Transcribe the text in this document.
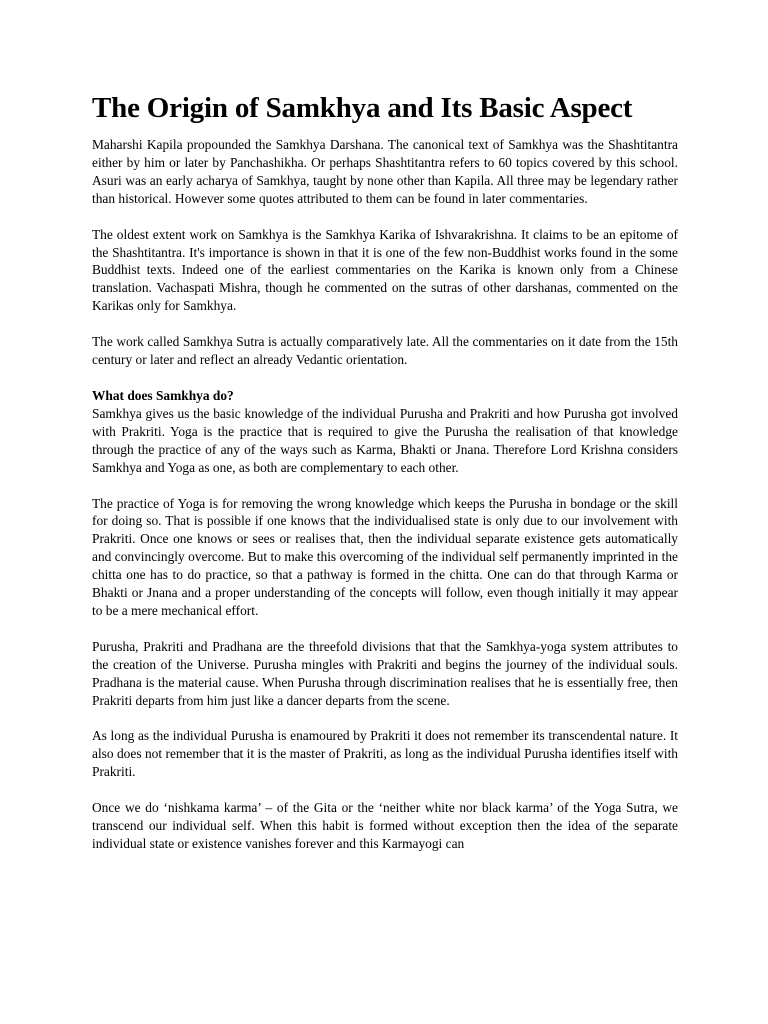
The Origin of Samkhya and Its Basic Aspect

Maharshi Kapila propounded the Samkhya Darshana. The canonical text of Samkhya was the Shashtitantra either by him or later by Panchashikha. Or perhaps Shashtitantra refers to 60 topics covered by this school. Asuri was an early acharya of Samkhya, taught by none other than Kapila. All three may be legendary rather than historical. However some quotes attributed to them can be found in later commentaries.

The oldest extent work on Samkhya is the Samkhya Karika of Ishvarakrishna. It claims to be an epitome of the Shashtitantra. It's importance is shown in that it is one of the few non-Buddhist works found in the some Buddhist texts. Indeed one of the earliest commentaries on the Karika is known only from a Chinese translation. Vachaspati Mishra, though he commented on the sutras of other darshanas, commented on the Karikas only for Samkhya.

The work called Samkhya Sutra is actually comparatively late. All the commentaries on it date from the 15th century or later and reflect an already Vedantic orientation.

What does Samkhya do?

Samkhya gives us the basic knowledge of the individual Purusha and Prakriti and how Purusha got involved with Prakriti. Yoga is the practice that is required to give the Purusha the realisation of that knowledge through the practice of any of the ways such as Karma, Bhakti or Jnana. Therefore Lord Krishna considers Samkhya and Yoga as one, as both are complementary to each other.

The practice of Yoga is for removing the wrong knowledge which keeps the Purusha in bondage or the skill for doing so. That is possible if one knows that the individualised state is only due to our involvement with Prakriti. Once one knows or sees or realises that, then the individual separate existence gets automatically and convincingly overcome. But to make this overcoming of the individual self permanently imprinted in the chitta one has to do practice, so that a pathway is formed in the chitta. One can do that through Karma or Bhakti or Jnana and a proper understanding of the concepts will follow, even though initially it may appear to be a mere mechanical effort.

Purusha, Prakriti and Pradhana are the threefold divisions that that the Samkhya-yoga system attributes to the creation of the Universe. Purusha mingles with Prakriti and begins the journey of the individual souls. Pradhana is the material cause. When Purusha through discrimination realises that he is essentially free, then Prakriti departs from him just like a dancer departs from the scene.

As long as the individual Purusha is enamoured by Prakriti it does not remember its transcendental nature. It also does not remember that it is the master of Prakriti, as long as the individual Purusha identifies itself with Prakriti.

Once we do ‘nishkama karma’ – of the Gita or the ‘neither white nor black karma’ of the Yoga Sutra, we transcend our individual self. When this habit is formed without exception then the idea of the separate individual state or existence vanishes forever and this Karmayogi can
